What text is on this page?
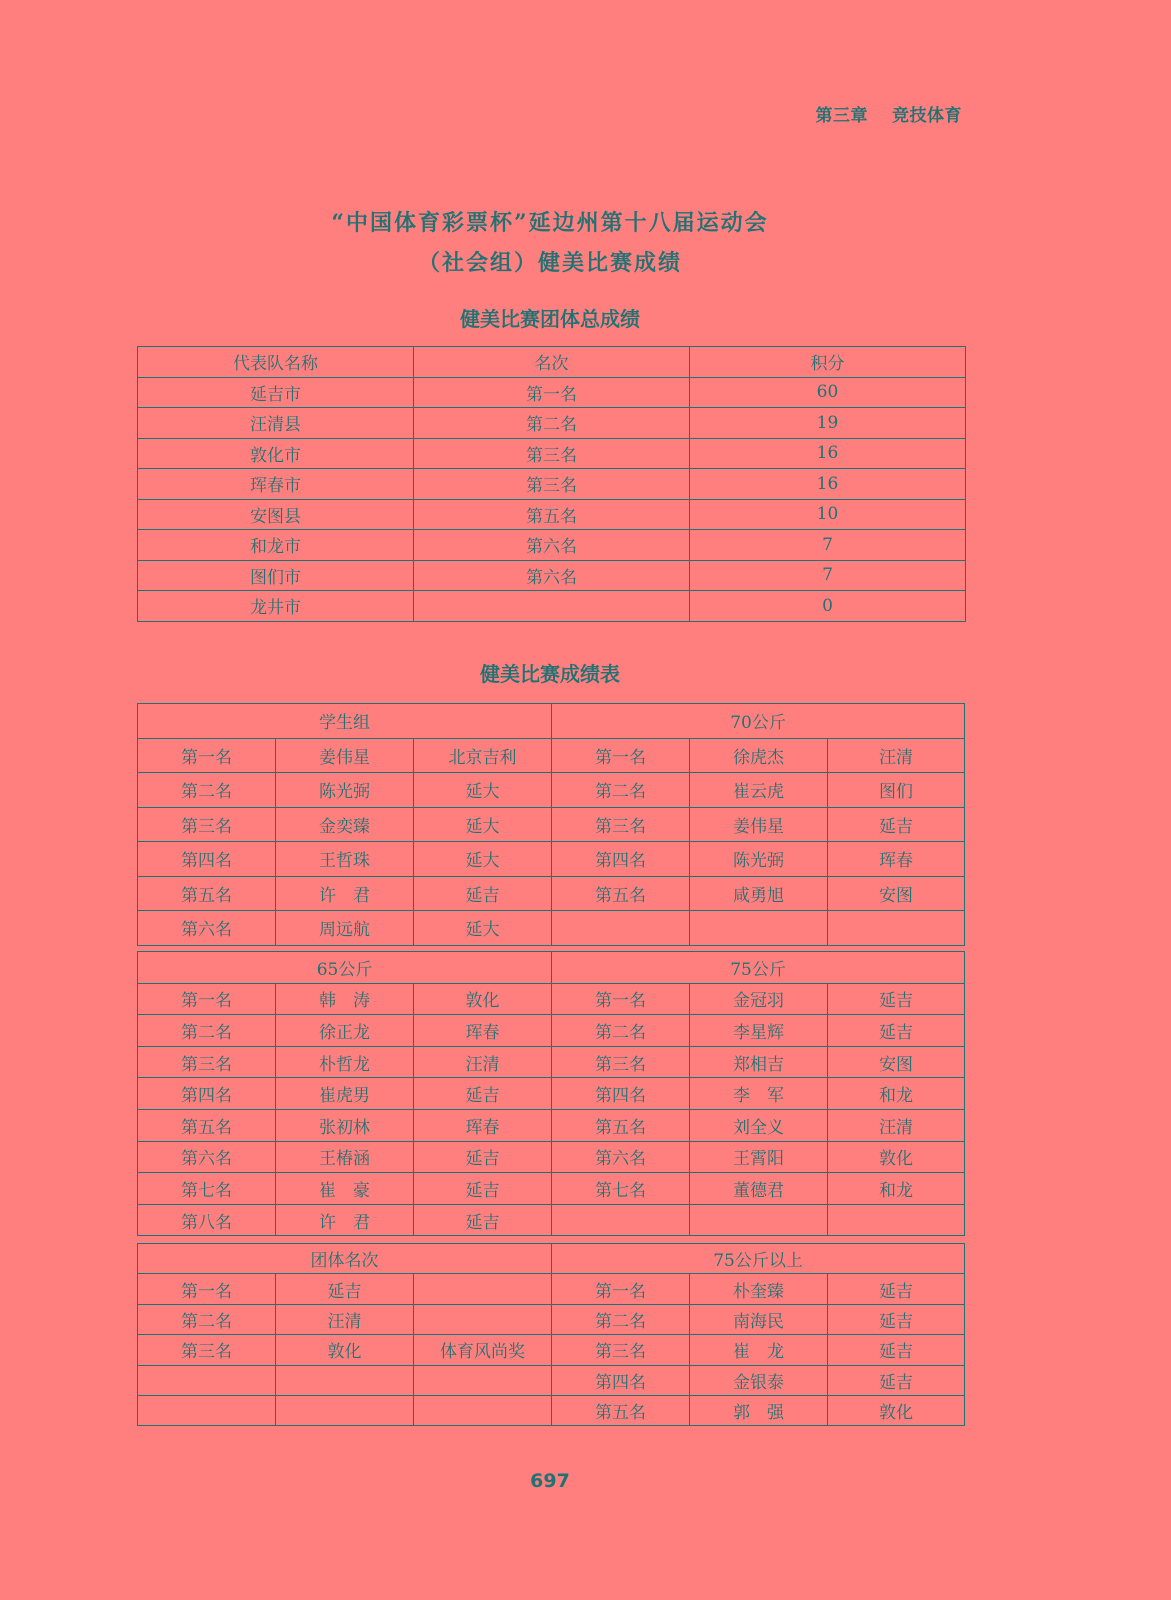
第三章 竞技体育
“中国体育彩票杯”延边州第十八届运动会
（社会组）健美比赛成绩
健美比赛团体总成绩
代表队名称	名次	积分
延吉市	第一名	60
汪清县	第二名	19
敦化市	第三名	16
珲春市	第三名	16
安图县	第五名	10
和龙市	第六名	7
图们市	第六名	7
龙井市		0
健美比赛成绩表
学生组			70公斤		
第一名	姜伟星	北京吉利	第一名	徐虎杰	汪清
第二名	陈光弼	延大	第二名	崔云虎	图们
第三名	金奕臻	延大	第三名	姜伟星	延吉
第四名	王哲珠	延大	第四名	陈光弼	珲春
第五名	许　君	延吉	第五名	咸勇旭	安图
第六名	周远航	延大			
65公斤			75公斤		
第一名	韩　涛	敦化	第一名	金冠羽	延吉
第二名	徐正龙	珲春	第二名	李星辉	延吉
第三名	朴哲龙	汪清	第三名	郑相吉	安图
第四名	崔虎男	延吉	第四名	李　军	和龙
第五名	张初林	珲春	第五名	刘全义	汪清
第六名	王椿涵	延吉	第六名	王霄阳	敦化
第七名	崔　豪	延吉	第七名	董德君	和龙
第八名	许　君	延吉			
团体名次			75公斤以上		
第一名	延吉		第一名	朴奎臻	延吉
第二名	汪清		第二名	南海民	延吉
第三名	敦化	体育风尚奖	第三名	崔　龙	延吉
			第四名	金银泰	延吉
			第五名	郭　强	敦化
697
